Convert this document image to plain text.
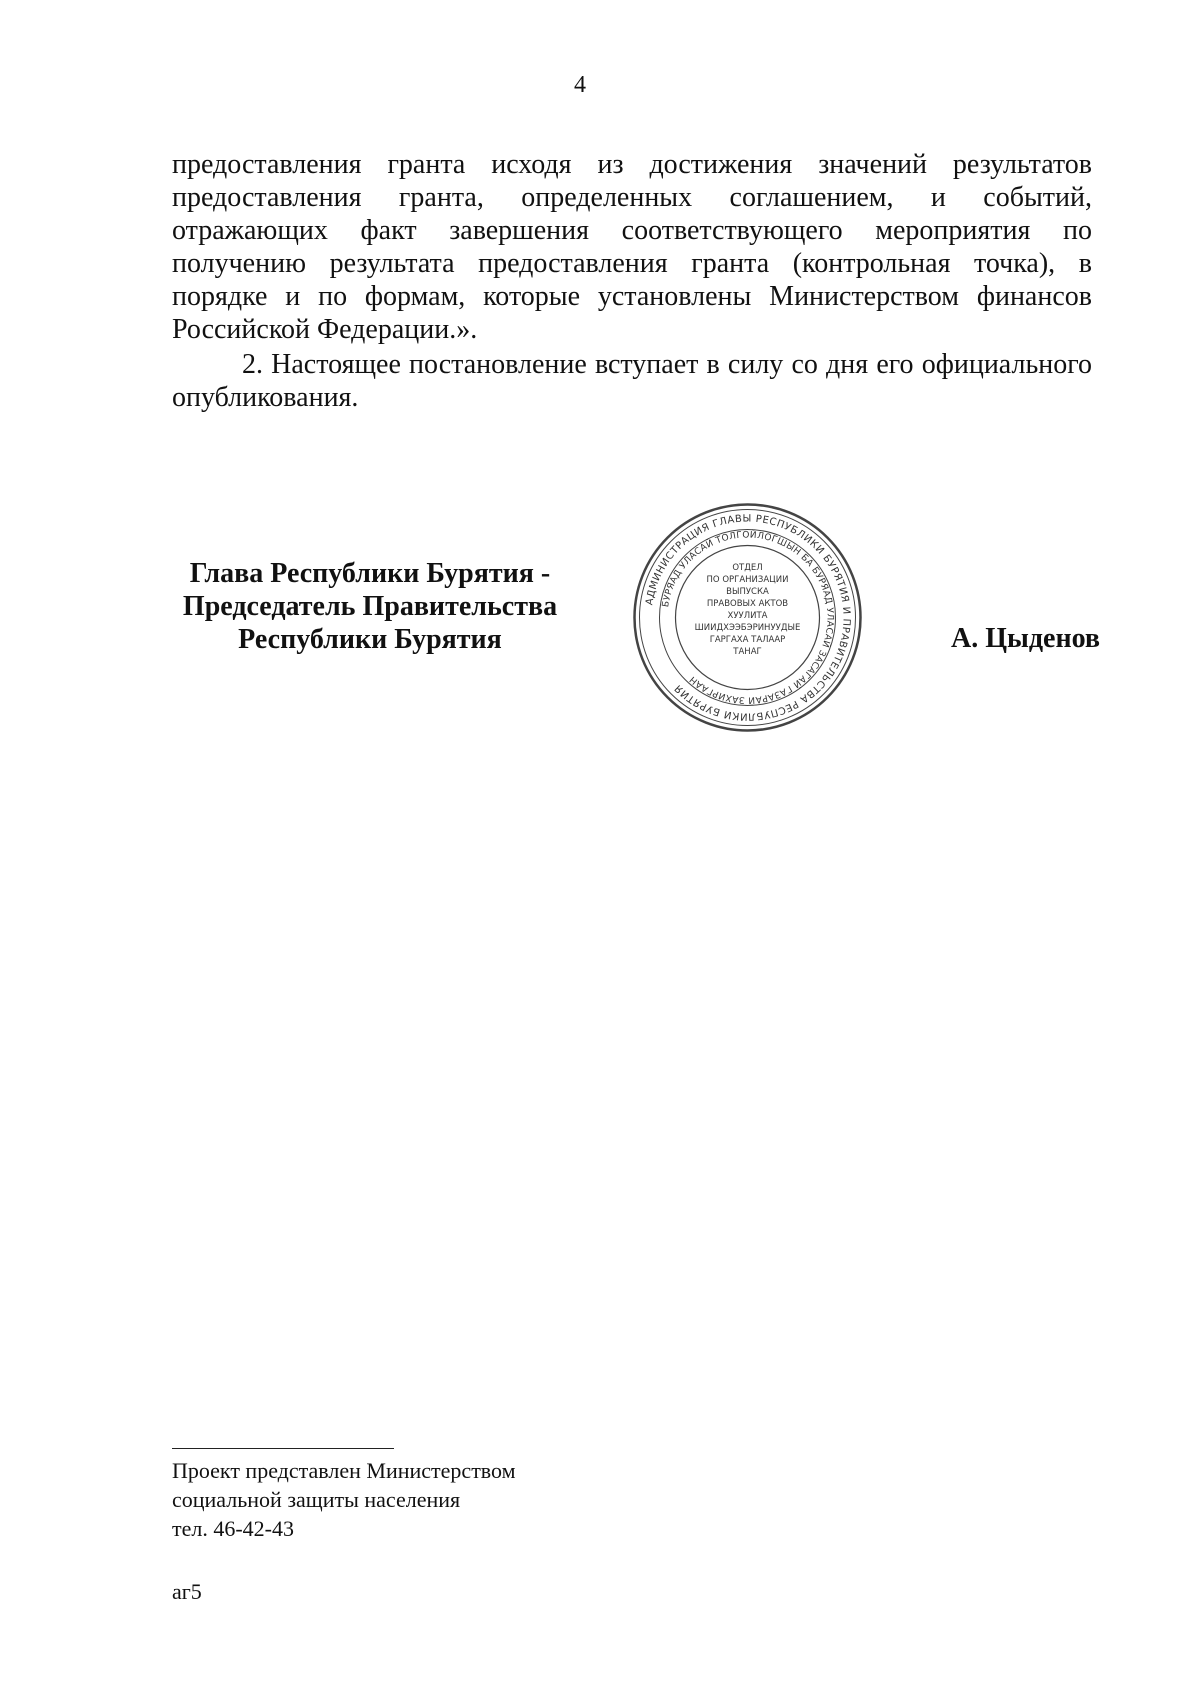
4

предоставления гранта исходя из достижения значений результатов предоставления гранта, определенных соглашением, и событий, отражающих факт завершения соответствующего мероприятия по получению результата предоставления гранта (контрольная точка), в порядке и по формам, которые установлены Министерством финансов Российской Федерации.».

2. Настоящее постановление вступает в силу со дня его официального опубликования.

Глава Республики Бурятия -
Председатель Правительства
Республики Бурятия
АДМИНИСТРАЦИЯ ГЛАВЫ РЕСПУБЛИКИ БУРЯТИЯ И ПРАВИТЕЛЬСТВА РЕСПУБЛИКИ БУРЯТИЯ
БУРЯАД УЛАСАЙ ТОЛГОЙЛОГШЫН БА БУРЯАД УЛАСАЙ ЗАСАГАЙ ГАЗАРАЙ ЗАХИРГААН
ОТДЕЛ
ПО ОРГАНИЗАЦИИ
ВЫПУСКА
ПРАВОВЫХ АКТОВ
ХУУЛИТА
ШИИДХЭЭБЭРИНУУДЫЕ
ГАРГАХА ТАЛААР
ТАНАГ	А. Цыденов
Проект представлен Министерством
социальной защиты населения
тел. 46-42-43
аг5
